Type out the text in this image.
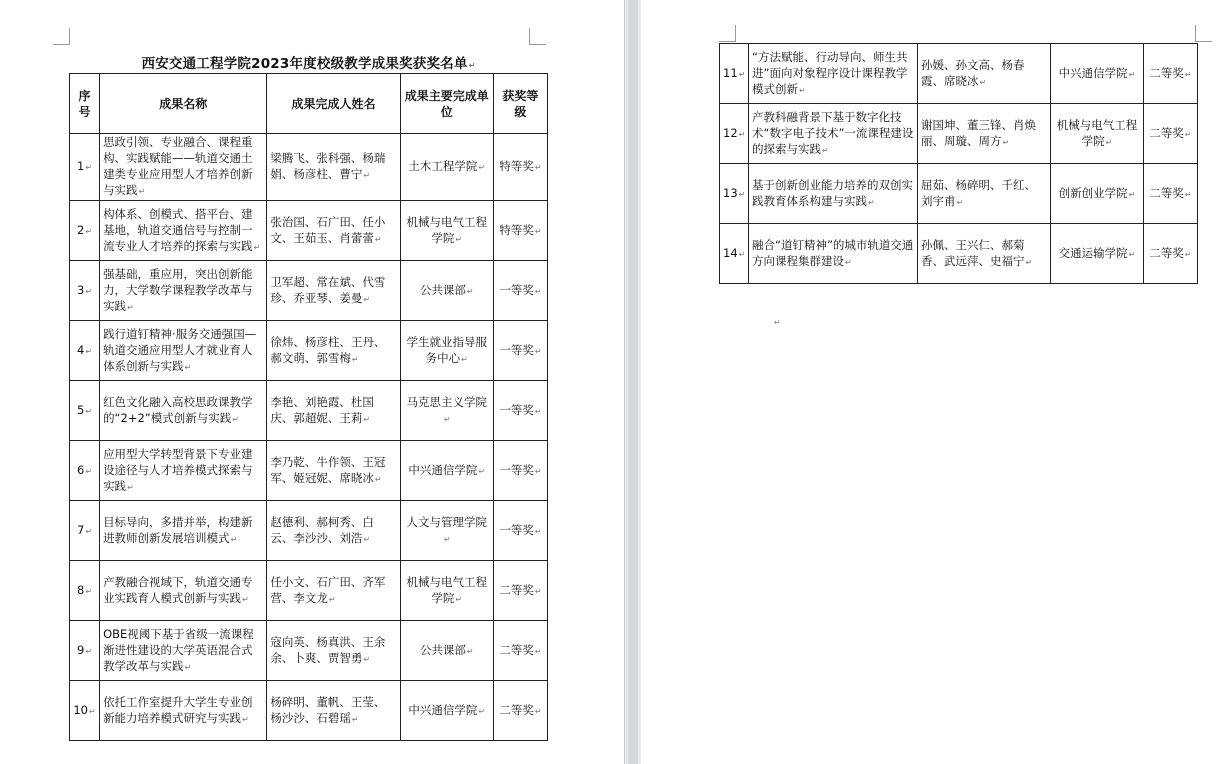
西安交通工程学院2023年度校级教学成果奖获奖名单↵
序号	成果名称	成果完成人姓名	成果主要完成单位	获奖等级
1↵	思政引领、专业融合、课程重构、实践赋能——轨道交通土建类专业应用型人才培养创新与实践↵	梁腾飞、张科强、杨瑞娟、杨彦柱、曹宁↵	土木工程学院↵	特等奖↵
2↵	构体系、创模式、搭平台、建基地，轨道交通信号与控制一流专业人才培养的探索与实践↵	张治国、石广田、任小文、王茹玉、肖蕾蕾↵	机械与电气工程学院↵	特等奖↵
3↵	强基础，重应用，突出创新能力，大学数学课程教学改革与实践↵	卫军超、常在斌、代雪珍、乔亚琴、姜曼↵	公共课部↵	一等奖↵
4↵	践行道钉精神·服务交通强国—轨道交通应用型人才就业育人体系创新与实践↵	徐炜、杨彦柱、王丹、郝文萌、郭雪梅↵	学生就业指导服务中心↵	一等奖↵
5↵	红色文化融入高校思政课教学的“2+2”模式创新与实践↵	李艳、刘艳霞、杜国庆、郭超妮、王莉↵	马克思主义学院↵	一等奖↵
6↵	应用型大学转型背景下专业建设途径与人才培养模式探索与实践↵	李乃乾、牛作领、王冠军、姬冠妮、席晓冰↵	中兴通信学院↵	一等奖↵
7↵	目标导向，多措并举，构建新进教师创新发展培训模式↵	赵德利、郝柯秀、白云、李沙沙、刘浩↵	人文与管理学院↵	一等奖↵
8↵	产教融合视域下，轨道交通专业实践育人模式创新与实践↵	任小文、石广田、齐军营、李文龙↵	机械与电气工程学院↵	二等奖↵
9↵	OBE视阈下基于省级一流课程渐进性建设的大学英语混合式教学改革与实践↵	寇向英、杨真洪、王余余、卜爽、贾智勇↵	公共课部↵	二等奖↵
10↵	依托工作室提升大学生专业创新能力培养模式研究与实践↵	杨碎明、董帆、王莹、杨沙沙、石碧瑶↵	中兴通信学院↵	二等奖↵
11↵	“方法赋能、行动导向、师生共进”面向对象程序设计课程教学模式创新↵	孙媛、孙文高、杨春霞、席晓冰↵	中兴通信学院↵	二等奖↵
12↵	产教科融背景下基于数字化技术“数字电子技术”一流课程建设的探索与实践↵	谢国坤、董三锋、肖焕丽、周璇、周方↵	机械与电气工程学院↵	二等奖↵
13↵	基于创新创业能力培养的双创实践教育体系构建与实践↵	屈茹、杨碎明、千红、刘宇甫↵	创新创业学院↵	二等奖↵
14↵	融合“道钉精神”的城市轨道交通方向课程集群建设↵	孙佩、王兴仁、郝菊香、武远萍、史福宁↵	交通运输学院↵	二等奖↵
↵
